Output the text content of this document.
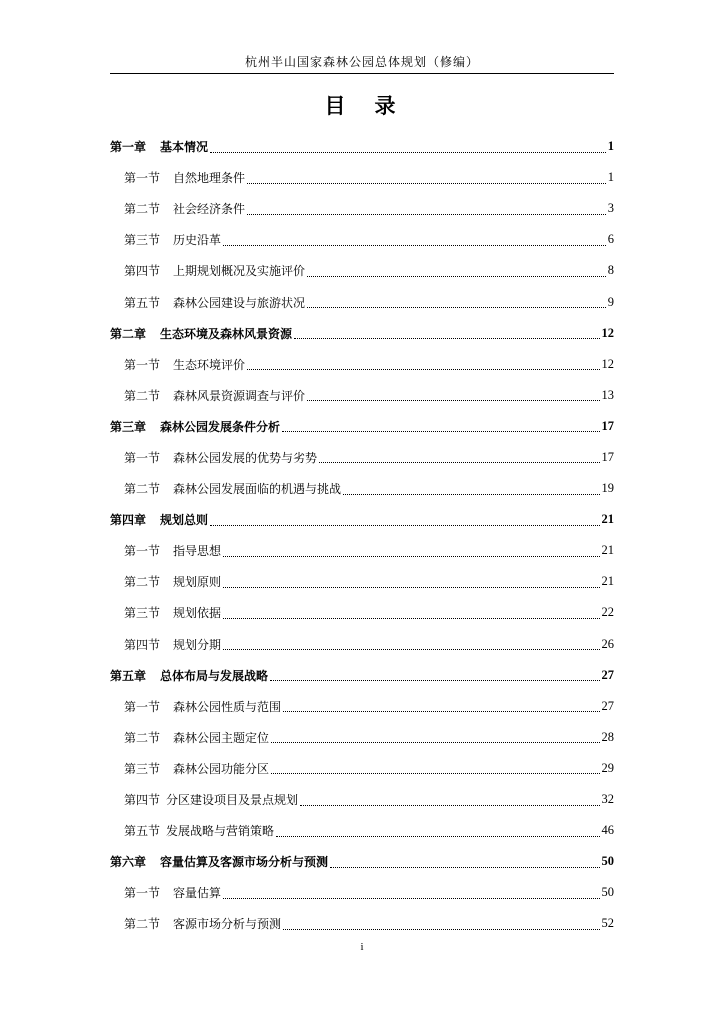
杭州半山国家森林公园总体规划（修编）
目　录
第一章 基本情况	1
第一节 自然地理条件	1
第二节 社会经济条件	3
第三节 历史沿革	6
第四节 上期规划概况及实施评价	8
第五节 森林公园建设与旅游状况	9
第二章 生态环境及森林风景资源	12
第一节 生态环境评价	12
第二节 森林风景资源调查与评价	13
第三章 森林公园发展条件分析	17
第一节 森林公园发展的优势与劣势	17
第二节 森林公园发展面临的机遇与挑战	19
第四章 规划总则	21
第一节 指导思想	21
第二节 规划原则	21
第三节 规划依据	22
第四节 规划分期	26
第五章 总体布局与发展战略	27
第一节 森林公园性质与范围	27
第二节 森林公园主题定位	28
第三节 森林公园功能分区	29
第四节 分区建设项目及景点规划	32
第五节 发展战略与营销策略	46
第六章 容量估算及客源市场分析与预测	50
第一节 容量估算	50
第二节 客源市场分析与预测	52
i
